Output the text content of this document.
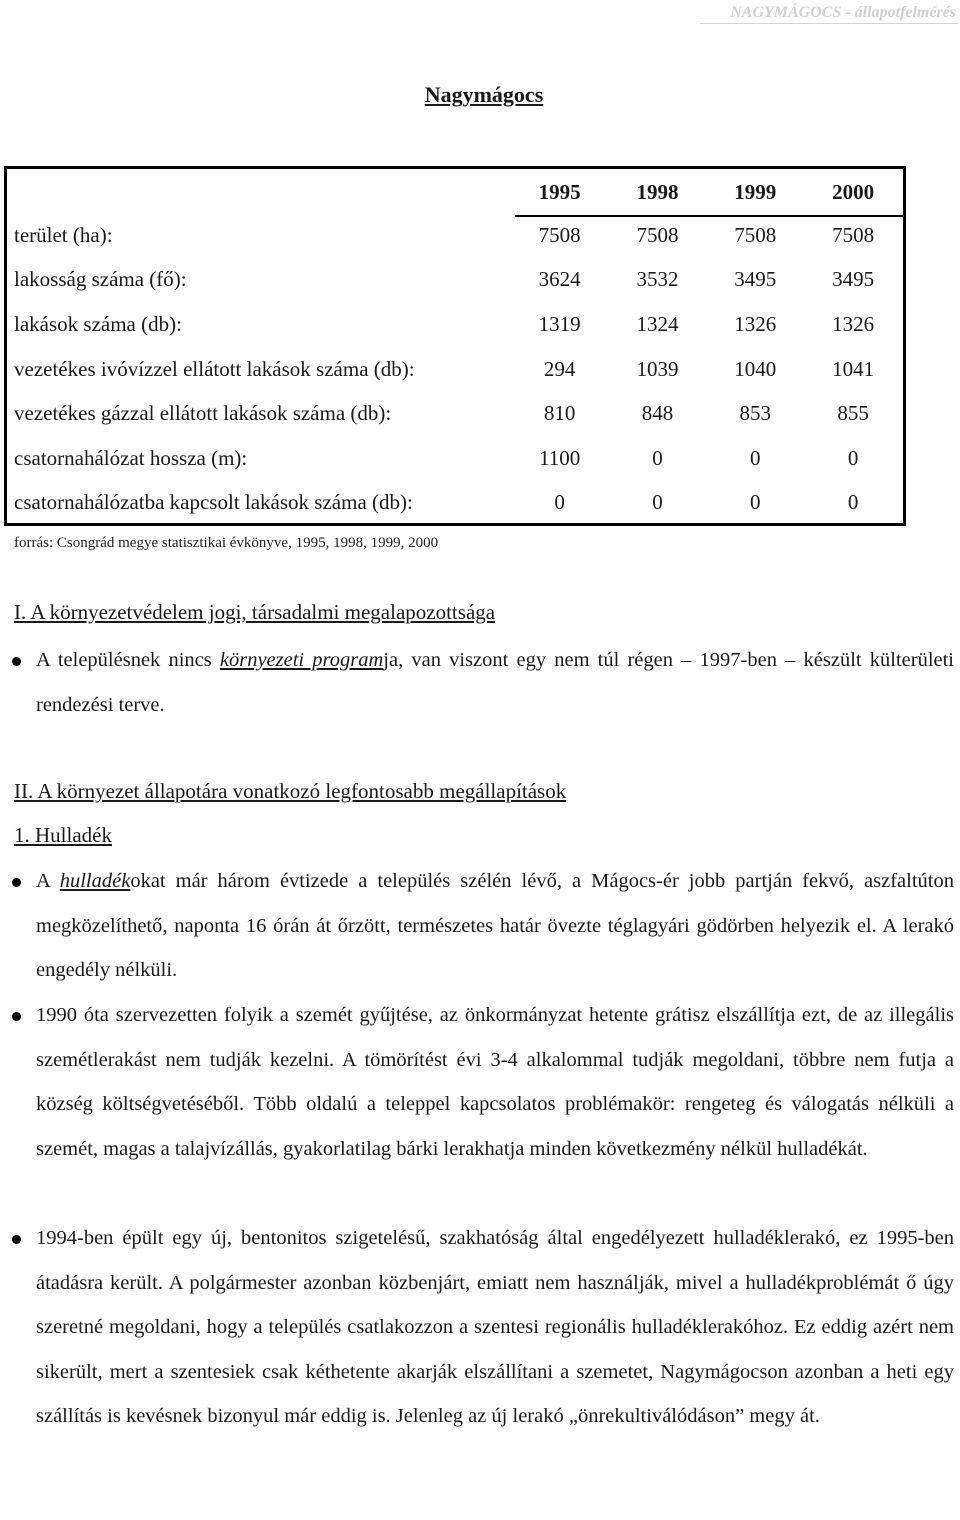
NAGYMÁGOCS - állapotfelmérés
Nagymágocs
	1995	1998	1999	2000
terület (ha):	7508	7508	7508	7508
lakosság száma (fő):	3624	3532	3495	3495
lakások száma (db):	1319	1324	1326	1326
vezetékes ivóvízzel ellátott lakások száma (db):	294	1039	1040	1041
vezetékes gázzal ellátott lakások száma (db):	810	848	853	855
csatornahálózat hossza (m):	1100	0	0	0
csatornahálózatba kapcsolt lakások száma (db):	0	0	0	0
forrás: Csongrád megye statisztikai évkönyve, 1995, 1998, 1999, 2000
I. A környezetvédelem jogi, társadalmi megalapozottsága
A településnek nincs környezeti programja, van viszont egy nem túl régen – 1997-ben – készült külterületi rendezési terve.
II. A környezet állapotára vonatkozó legfontosabb megállapítások
1. Hulladék
A hulladékokat már három évtizede a település szélén lévő, a Mágocs-ér jobb partján fekvő, aszfaltúton megközelíthető, naponta 16 órán át őrzött, természetes határ övezte téglagyári gödörben helyezik el. A lerakó engedély nélküli.
1990 óta szervezetten folyik a szemét gyűjtése, az önkormányzat hetente grátisz elszállítja ezt, de az illegális szemétlerakást nem tudják kezelni. A tömörítést évi 3-4 alkalommal tudják megoldani, többre nem futja a község költségvetéséből. Több oldalú a teleppel kapcsolatos problémakör: rengeteg és válogatás nélküli a szemét, magas a talajvízállás, gyakorlatilag bárki lerakhatja minden következmény nélkül hulladékát.
1994-ben épült egy új, bentonitos szigetelésű, szakhatóság által engedélyezett hulladéklerakó, ez 1995-ben átadásra került. A polgármester azonban közbenjárt, emiatt nem használják, mivel a hulladékproblémát ő úgy szeretné megoldani, hogy a település csatlakozzon a szentesi regionális hulladéklerakóhoz. Ez eddig azért nem sikerült, mert a szentesiek csak kéthetente akarják elszállítani a szemetet, Nagymágocson azonban a heti egy szállítás is kevésnek bizonyul már eddig is. Jelenleg az új lerakó „önrekultiválódáson” megy át.
